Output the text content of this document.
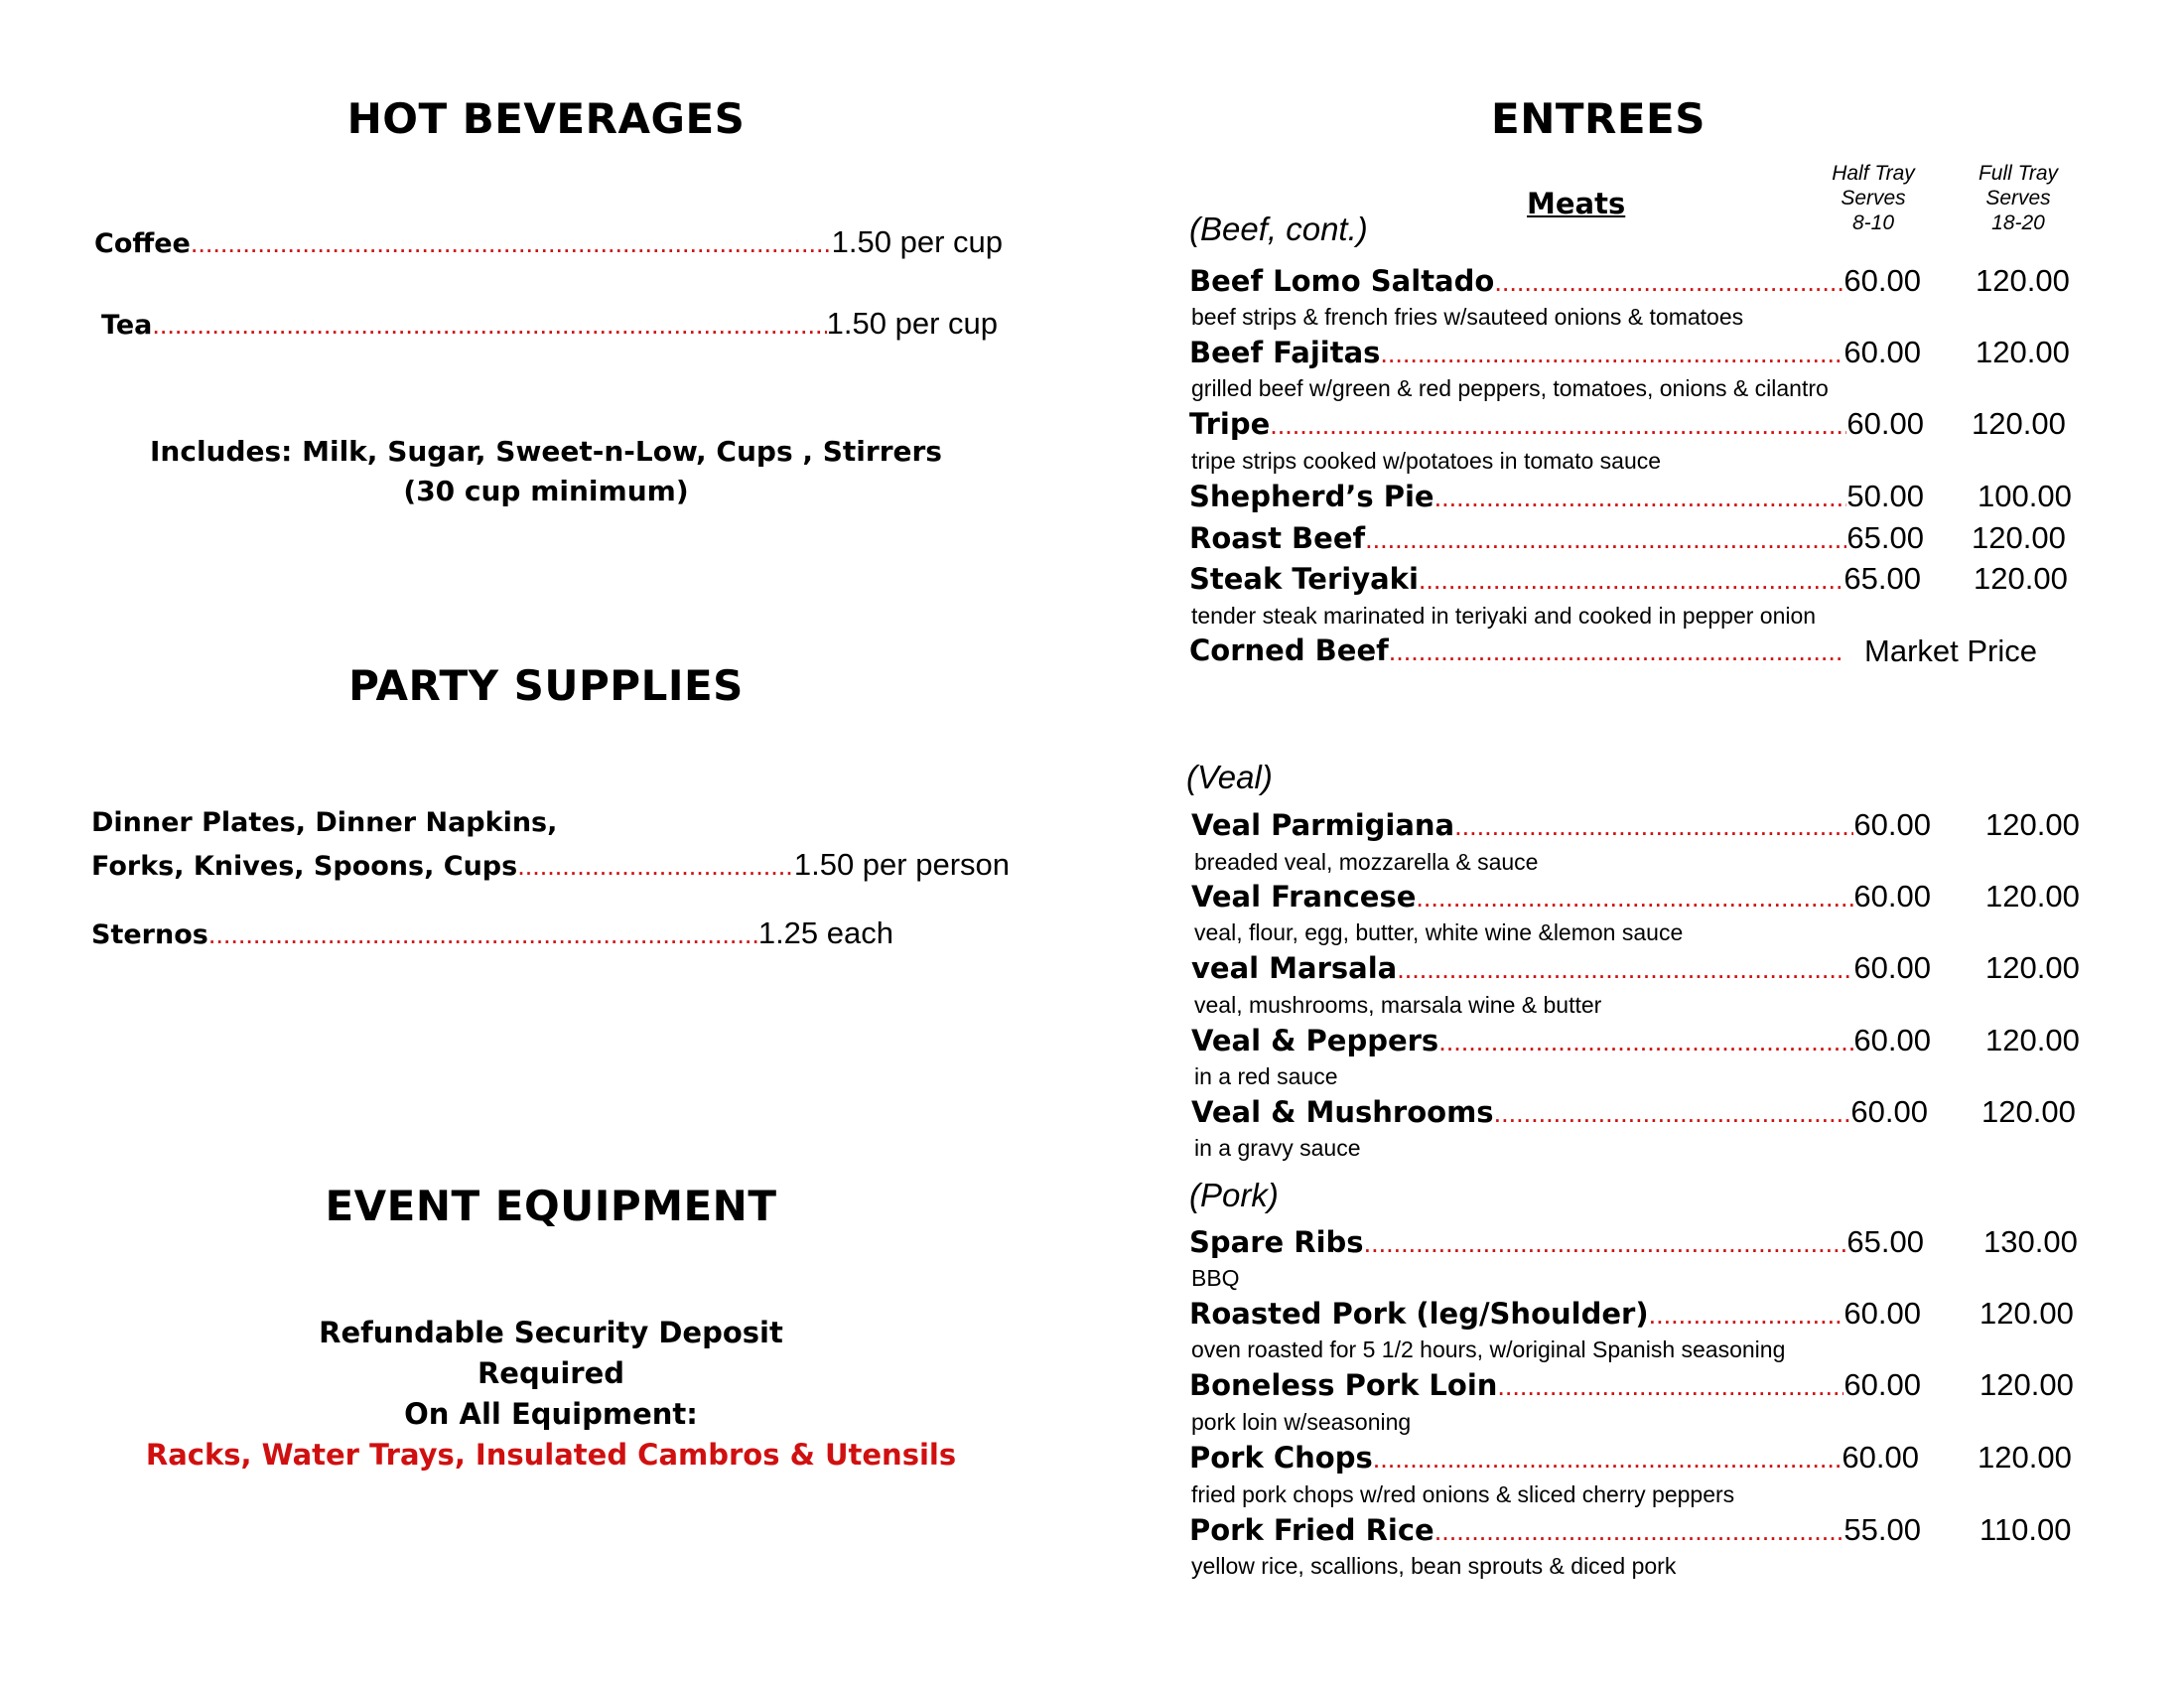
HOT BEVERAGES
Coffee .....	1.50 per cup
Tea .....	1.50 per cup
Includes: Milk, Sugar, Sweet-n-Low, Cups , Stirrers
(30 cup minimum)
PARTY SUPPLIES
Dinner Plates, Dinner Napkins,
Forks, Knives, Spoons, Cups .....	1.50 per person
Sternos .....	1.25 each
EVENT EQUIPMENT
Refundable Security Deposit
Required
On All Equipment:
Racks, Water Trays, Insulated Cambros & Utensils
ENTREES
Meats
Half Tray
Serves
8-10
Full Tray
Serves
18-20
(Beef, cont.)
Beef Lomo Saltado .....	60.00 120.00
beef strips & french fries w/sauteed onions & tomatoes
Beef Fajitas .....	60.00 120.00
grilled beef w/green & red peppers, tomatoes, onions & cilantro
Tripe .....	60.00 120.00
tripe strips cooked w/potatoes in tomato sauce
Shepherd’s Pie .....	50.00 100.00
Roast Beef .....	65.00 120.00
Steak Teriyaki .....	65.00 120.00
tender steak marinated in teriyaki and cooked in pepper onion
Corned Beef .....	Market Price
(Veal)
Veal Parmigiana .....	60.00 120.00
breaded veal, mozzarella & sauce
Veal Francese .....	60.00 120.00
veal, flour, egg, butter, white wine &lemon sauce
veal Marsala .....	60.00 120.00
veal, mushrooms, marsala wine & butter
Veal & Peppers .....	60.00 120.00
in a red sauce
Veal & Mushrooms .....	60.00 120.00
in a gravy sauce
(Pork)
Spare Ribs .....	65.00 130.00
BBQ
Roasted Pork (leg/Shoulder) .....	60.00 120.00
oven roasted for 5 1/2 hours, w/original Spanish seasoning
Boneless Pork Loin .....	60.00 120.00
pork loin w/seasoning
Pork Chops .....	60.00 120.00
fried pork chops w/red onions & sliced cherry peppers
Pork Fried Rice .....	55.00 110.00
yellow rice, scallions, bean sprouts & diced pork
